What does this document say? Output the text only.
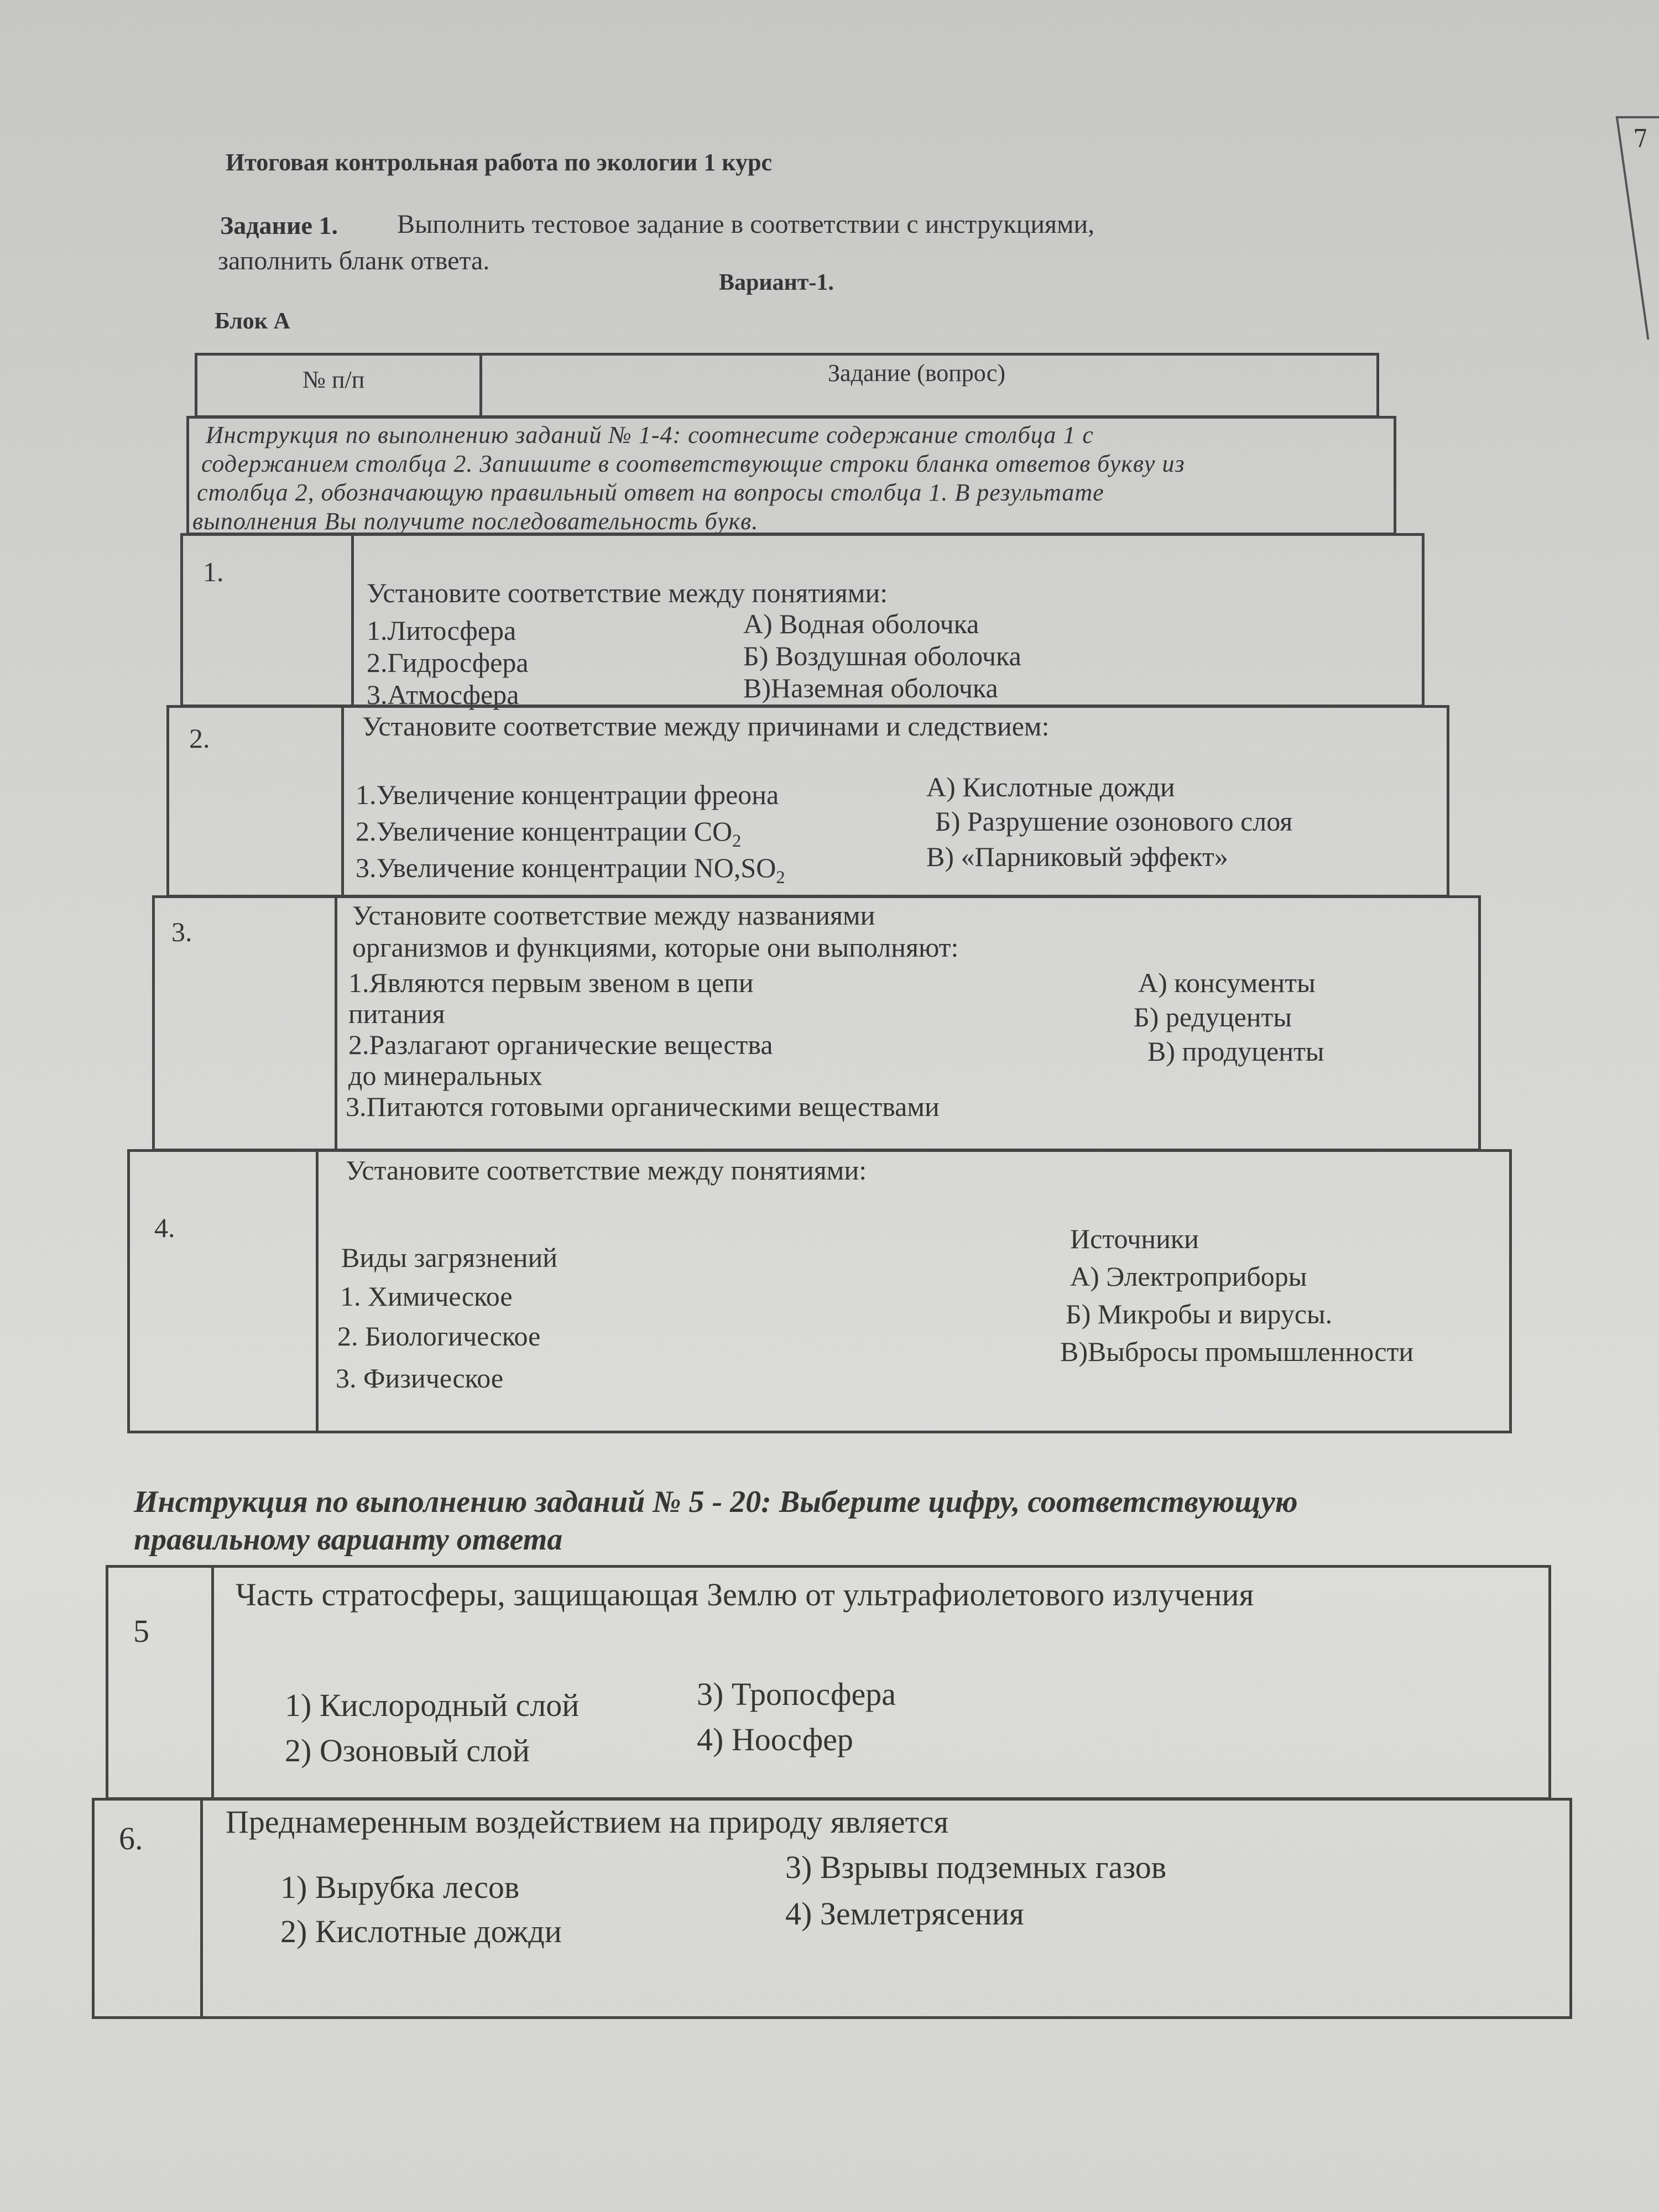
7
Итоговая контрольная работа по экологии 1 курс
Задание 1. Выполнить тестовое задание в соответствии с инструкциями,
заполнить бланк ответа.
Вариант-1.
Блок А
№ п/п	Задание (вопрос)
Инструкция по выполнению заданий № 1-4: соотнесите содержание столбца 1 с
содержанием столбца 2. Запишите в соответствующие строки бланка ответов букву из
столбца 2, обозначающую правильный ответ на вопросы столбца 1. В результате
выполнения Вы получите последовательность букв.
1.
Установите соответствие между понятиями:
1.Литосфера
2.Гидросфера
3.Атмосфера
А) Водная оболочка
Б) Воздушная оболочка
В)Наземная оболочка
2.	Установите соответствие между причинами и следствием:
1.Увеличение концентрации фреона
2.Увеличение концентрации $CO_2$
3.Увеличение концентрации $NO,SO_2$
А) Кислотные дожди
Б) Разрушение озонового слоя
В) «Парниковый эффект»
3.
Установите соответствие между названиями
организмов и функциями, которые они выполняют:
1.Являются первым звеном в цепи
питания
2.Разлагают органические вещества
до минеральных
3.Питаются готовыми органическими веществами
А) консументы
Б) редуценты
В) продуценты
4.
Установите соответствие между понятиями:
Виды загрязнений
1. Химическое
2. Биологическое
3. Физическое
Источники
А) Электроприборы
Б) Микробы и вирусы.
В)Выбросы промышленности
Инструкция по выполнению заданий № 5 - 20: Выберите цифру, соответствующую
правильному варианту ответа
5
Часть стратосферы, защищающая Землю от ультрафиолетового излучения
1) Кислородный слой
2) Озоновый слой
3) Тропосфера
4) Ноосфер
6.	Преднамеренным воздействием на природу является
1) Вырубка лесов
2) Кислотные дожди
3) Взрывы подземных газов
4) Землетрясения
